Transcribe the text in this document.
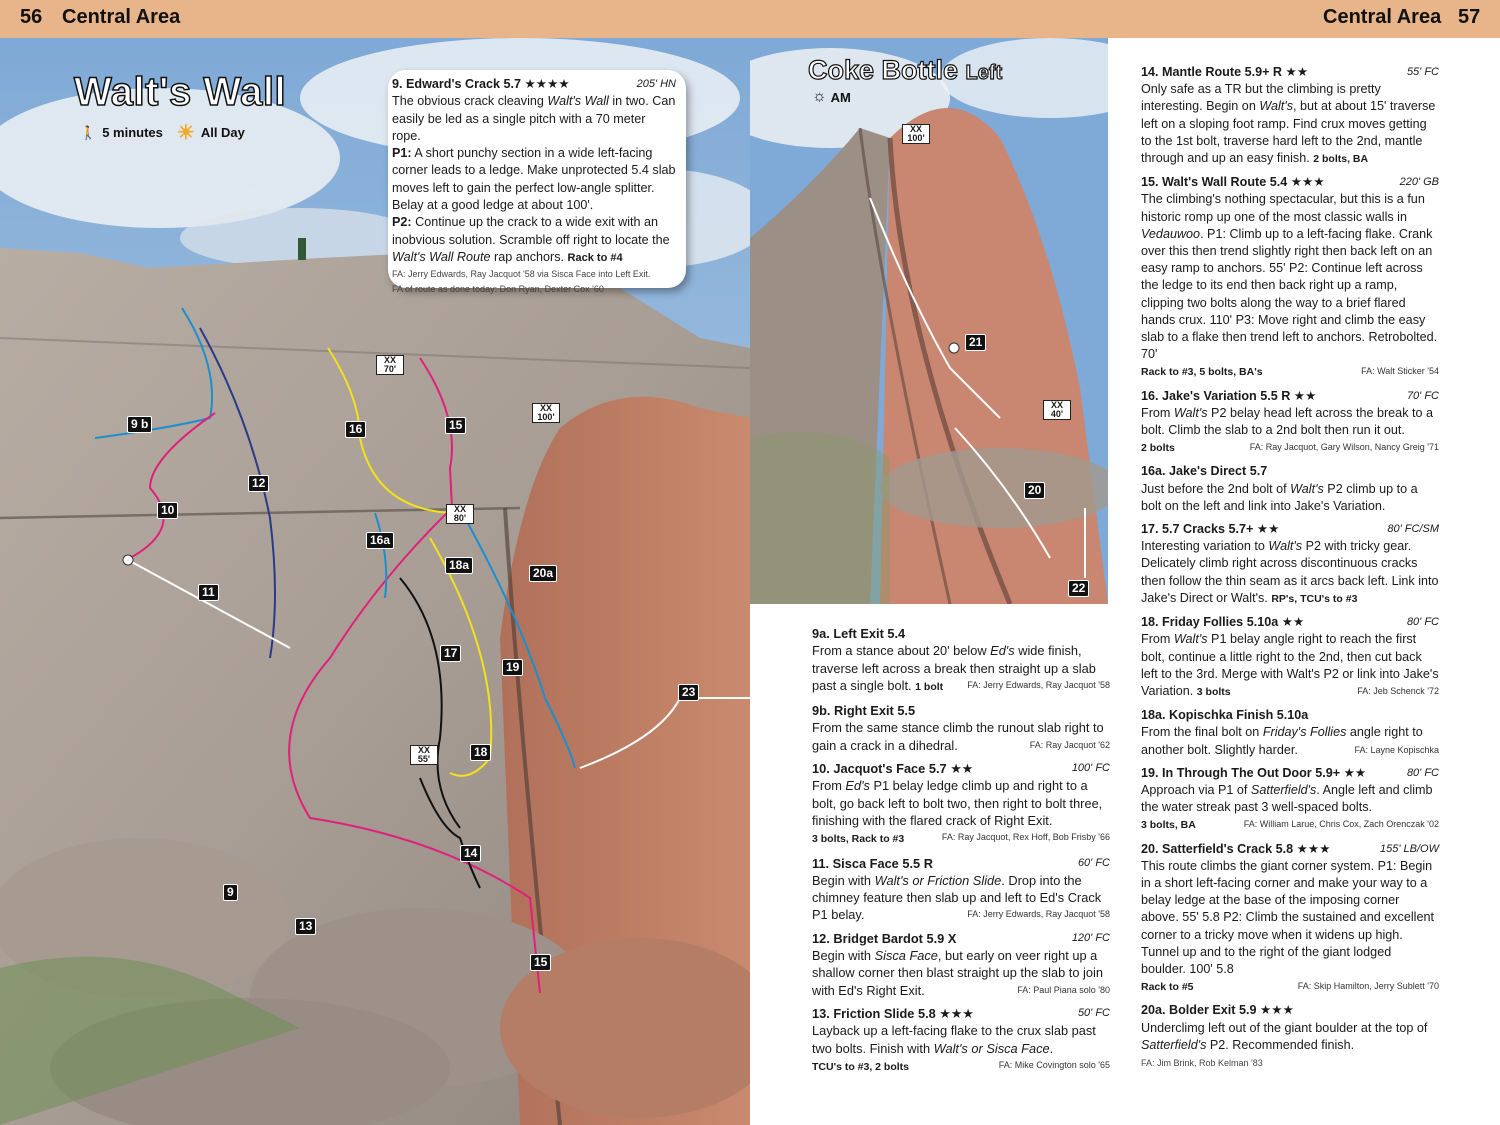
56 Central Area	Central Area 57
Walt's Wall
🚶 5 minutes ☀ All Day
9. Edward's Crack 5.7 ★★★★	205' HN
The obvious crack cleaving Walt's Wall in two. Can easily be led as a single pitch with a 70 meter rope.
P1: A short punchy section in a wide left-facing corner leads to a ledge. Make unprotected 5.4 slab moves left to gain the perfect low-angle splitter. Belay at a good ledge at about 100'.
P2: Continue up the crack to a wide exit with an inobvious solution. Scramble off right to locate the Walt's Wall Route rap anchors. Rack to #4
FA: Jerry Edwards, Ray Jacquot '58 via Sisca Face into Left Exit.
FA of route as done today: Don Ryan, Dexter Cox '60
9 b
10
11
12
16	15
16a
18a
20a
17
19
18
14
13
9
15
23
XX 70'
XX 100'
XX 80'
XX 55'
Coke Bottle Left
☼ AM
21
20
22
XX 100'
XX 40'
9a. Left Exit 5.4
From a stance about 20' below Ed's wide finish, traverse left across a break then straight up a slab past a single bolt. 1 bolt	FA: Jerry Edwards, Ray Jacquot '58
9b. Right Exit 5.5
From the same stance climb the runout slab right to gain a crack in a dihedral.	FA: Ray Jacquot '62
10. Jacquot's Face 5.7 ★★	100' FC
From Ed's P1 belay ledge climb up and right to a bolt, go back left to bolt two, then right to bolt three, finishing with the flared crack of Right Exit.
3 bolts, Rack to #3	FA: Ray Jacquot, Rex Hoff, Bob Frisby '66
11. Sisca Face 5.5 R	60' FC
Begin with Walt's or Friction Slide. Drop into the chimney feature then slab up and left to Ed's Crack P1 belay.	FA: Jerry Edwards, Ray Jacquot '58
12. Bridget Bardot 5.9 X	120' FC
Begin with Sisca Face, but early on veer right up a shallow corner then blast straight up the slab to join with Ed's Right Exit.	FA: Paul Piana solo '80
13. Friction Slide 5.8 ★★★	50' FC
Layback up a left-facing flake to the crux slab past two bolts. Finish with Walt's or Sisca Face.
TCU's to #3, 2 bolts	FA: Mike Covington solo '65
14. Mantle Route 5.9+ R ★★	55' FC
Only safe as a TR but the climbing is pretty interesting. Begin on Walt's, but at about 15' traverse left on a sloping foot ramp. Find crux moves getting to the 1st bolt, traverse hard left to the 2nd, mantle through and up an easy finish. 2 bolts, BA
15. Walt's Wall Route 5.4 ★★★	220' GB
The climbing's nothing spectacular, but this is a fun historic romp up one of the most classic walls in Vedauwoo. P1: Climb up to a left-facing flake. Crank over this then trend slightly right then back left on an easy ramp to anchors. 55' P2: Continue left across the ledge to its end then back right up a ramp, clipping two bolts along the way to a brief flared hands crux. 110' P3: Move right and climb the easy slab to a flake then trend left to anchors. Retrobolted. 70'
Rack to #3, 5 bolts, BA's	FA: Walt Sticker '54
16. Jake's Variation 5.5 R ★★	70' FC
From Walt's P2 belay head left across the break to a bolt. Climb the slab to a 2nd bolt then run it out.
2 bolts	FA: Ray Jacquot, Gary Wilson, Nancy Greig '71
16a. Jake's Direct 5.7
Just before the 2nd bolt of Walt's P2 climb up to a bolt on the left and link into Jake's Variation.
17. 5.7 Cracks 5.7+ ★★	80' FC/SM
Interesting variation to Walt's P2 with tricky gear. Delicately climb right across discontinuous cracks then follow the thin seam as it arcs back left. Link into Jake's Direct or Walt's. RP's, TCU's to #3
18. Friday Follies 5.10a ★★	80' FC
From Walt's P1 belay angle right to reach the first bolt, continue a little right to the 2nd, then cut back left to the 3rd. Merge with Walt's P2 or link into Jake's Variation. 3 bolts	FA: Jeb Schenck '72
18a. Kopischka Finish 5.10a
From the final bolt on Friday's Follies angle right to another bolt. Slightly harder.	FA: Layne Kopischka
19. In Through The Out Door 5.9+ ★★	80' FC
Approach via P1 of Satterfield's. Angle left and climb the water streak past 3 well-spaced bolts.
3 bolts, BA	FA: William Larue, Chris Cox, Zach Orenczak '02
20. Satterfield's Crack 5.8 ★★★	155' LB/OW
This route climbs the giant corner system. P1: Begin in a short left-facing corner and make your way to a belay ledge at the base of the imposing corner above. 55' 5.8 P2: Climb the sustained and excellent corner to a tricky move when it widens up high. Tunnel up and to the right of the giant lodged boulder. 100' 5.8
Rack to #5	FA: Skip Hamilton, Jerry Sublett '70
20a. Bolder Exit 5.9 ★★★
Underclimg left out of the giant boulder at the top of Satterfield's P2. Recommended finish.
FA: Jim Brink, Rob Kelman '83
